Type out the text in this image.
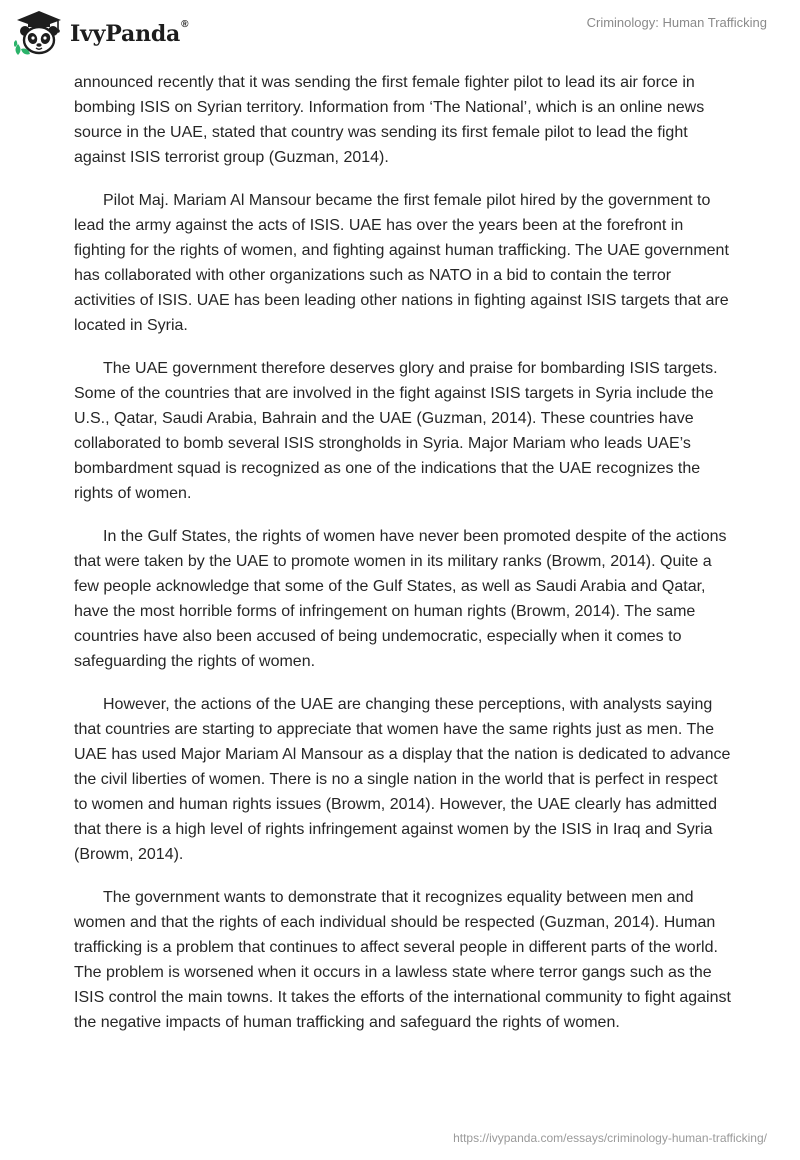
IvyPanda®	Criminology: Human Trafficking

announced recently that it was sending the first female fighter pilot to lead its air force in bombing ISIS on Syrian territory. Information from ‘The National’, which is an online news source in the UAE, stated that country was sending its first female pilot to lead the fight against ISIS terrorist group (Guzman, 2014).

Pilot Maj. Mariam Al Mansour became the first female pilot hired by the government to lead the army against the acts of ISIS. UAE has over the years been at the forefront in fighting for the rights of women, and fighting against human trafficking. The UAE government has collaborated with other organizations such as NATO in a bid to contain the terror activities of ISIS. UAE has been leading other nations in fighting against ISIS targets that are located in Syria.

The UAE government therefore deserves glory and praise for bombarding ISIS targets. Some of the countries that are involved in the fight against ISIS targets in Syria include the U.S., Qatar, Saudi Arabia, Bahrain and the UAE (Guzman, 2014). These countries have collaborated to bomb several ISIS strongholds in Syria. Major Mariam who leads UAE’s bombardment squad is recognized as one of the indications that the UAE recognizes the rights of women.

In the Gulf States, the rights of women have never been promoted despite of the actions that were taken by the UAE to promote women in its military ranks (Browm, 2014). Quite a few people acknowledge that some of the Gulf States, as well as Saudi Arabia and Qatar, have the most horrible forms of infringement on human rights (Browm, 2014). The same countries have also been accused of being undemocratic, especially when it comes to safeguarding the rights of women.

However, the actions of the UAE are changing these perceptions, with analysts saying that countries are starting to appreciate that women have the same rights just as men. The UAE has used Major Mariam Al Mansour as a display that the nation is dedicated to advance the civil liberties of women. There is no a single nation in the world that is perfect in respect to women and human rights issues (Browm, 2014). However, the UAE clearly has admitted that there is a high level of rights infringement against women by the ISIS in Iraq and Syria (Browm, 2014).

The government wants to demonstrate that it recognizes equality between men and women and that the rights of each individual should be respected (Guzman, 2014). Human trafficking is a problem that continues to affect several people in different parts of the world. The problem is worsened when it occurs in a lawless state where terror gangs such as the ISIS control the main towns. It takes the efforts of the international community to fight against the negative impacts of human trafficking and safeguard the rights of women.

https://ivypanda.com/essays/criminology-human-trafficking/
